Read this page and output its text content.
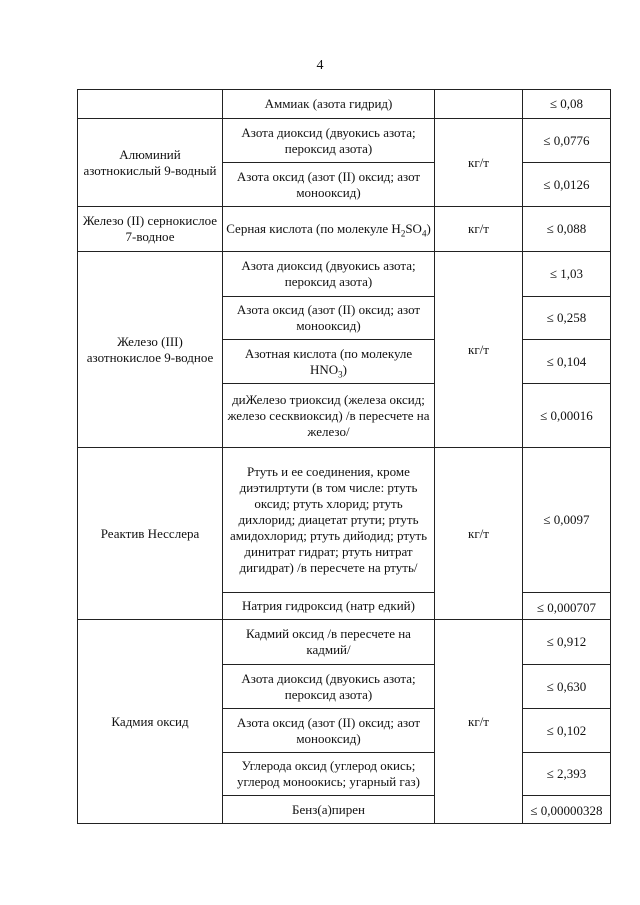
4
	Аммиак (азота гидрид)		≤ 0,08
Алюминий азотнокислый 9-водный	Азота диоксид (двуокись азота; пероксид азота)	кг/т	≤ 0,0776
	Азота оксид (азот (II) оксид; азот монооксид)		≤ 0,0126
Железо (II) сернокислое 7-водное	Серная кислота (по молекуле $H_2SO_4$)	кг/т	≤ 0,088
Железо (III) азотнокислое 9-водное	Азота диоксид (двуокись азота; пероксид азота)	кг/т	≤ 1,03
	Азота оксид (азот (II) оксид; азот монооксид)		≤ 0,258
	Азотная кислота (по молекуле $HNO_3$)		≤ 0,104
	диЖелезо триоксид (железа оксид; железо сесквиоксид) /в пересчете на железо/		≤ 0,00016
Реактив Несслера	Ртуть и ее соединения, кроме диэтилртути (в том числе: ртуть оксид; ртуть хлорид; ртуть дихлорид; диацетат ртути; ртуть амидохлорид; ртуть дийодид; ртуть динитрат гидрат; ртуть нитрат дигидрат) /в пересчете на ртуть/	кг/т	≤ 0,0097
	Натрия гидроксид (натр едкий)		≤ 0,000707
Кадмия оксид	Кадмий оксид /в пересчете на кадмий/	кг/т	≤ 0,912
	Азота диоксид (двуокись азота; пероксид азота)		≤ 0,630
	Азота оксид (азот (II) оксид; азот монооксид)		≤ 0,102
	Углерода оксид (углерод окись; углерод моноокись; угарный газ)		≤ 2,393
	Бенз(а)пирен		≤ 0,00000328
